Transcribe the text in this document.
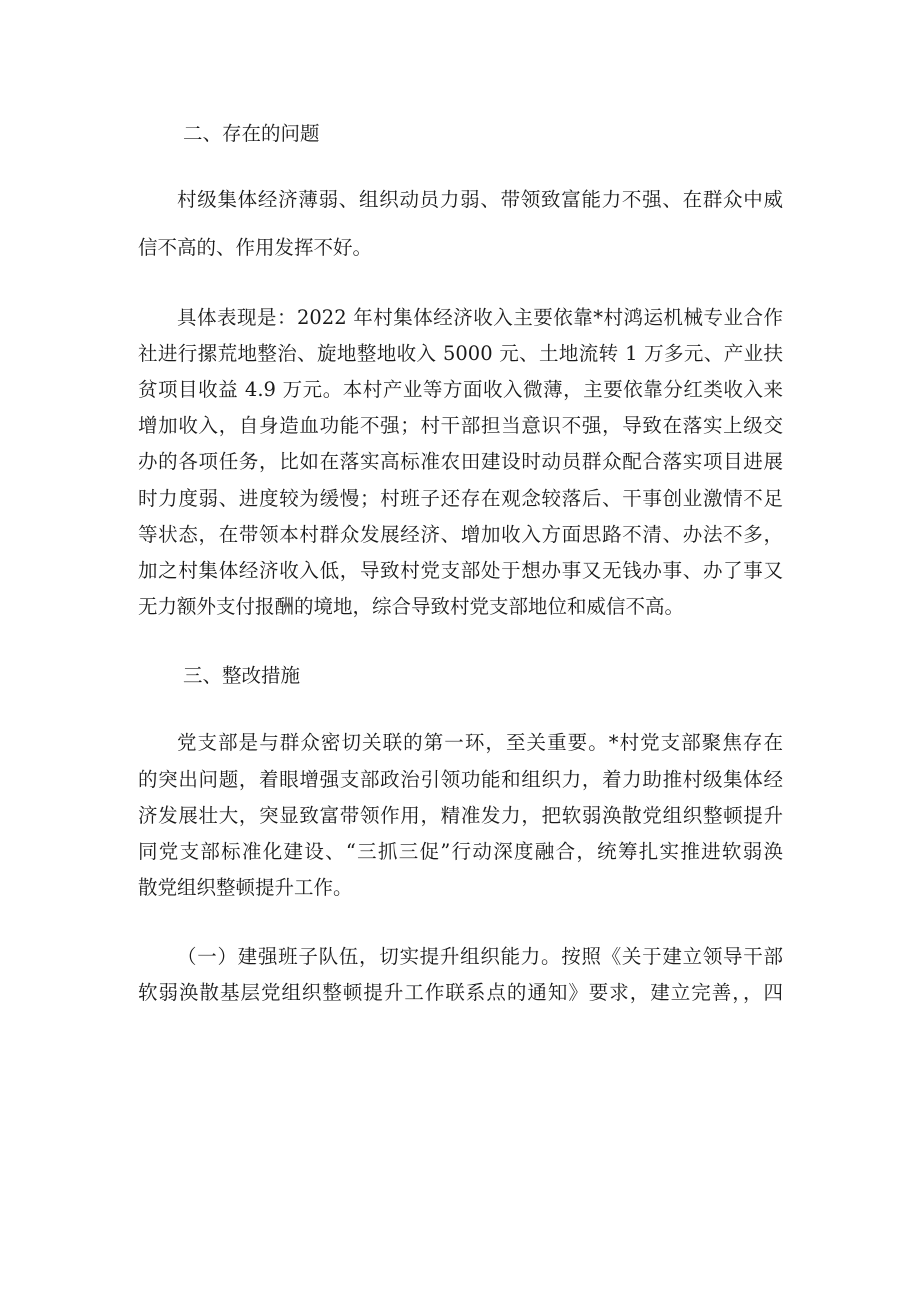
二、存在的问题
村级集体经济薄弱、组织动员力弱、带领致富能力不强、在群众中威
信不高的、作用发挥不好。
具体表现是：2022 年村集体经济收入主要依靠*村鸿运机械专业合作
社进行摞荒地整治、旋地整地收入 5000 元、土地流转 1 万多元、产业扶
贫项目收益 4.9 万元。本村产业等方面收入微薄，主要依靠分红类收入来
增加收入，自身造血功能不强；村干部担当意识不强，导致在落实上级交
办的各项任务，比如在落实高标准农田建设时动员群众配合落实项目进展
时力度弱、进度较为缓慢；村班子还存在观念较落后、干事创业激情不足
等状态，在带领本村群众发展经济、增加收入方面思路不清、办法不多，
加之村集体经济收入低，导致村党支部处于想办事又无钱办事、办了事又
无力额外支付报酬的境地，综合导致村党支部地位和威信不高。
三、整改措施
党支部是与群众密切关联的第一环，至关重要。*村党支部聚焦存在
的突出问题，着眼增强支部政治引领功能和组织力，着力助推村级集体经
济发展壮大，突显致富带领作用，精准发力，把软弱涣散党组织整顿提升
同党支部标准化建设、“三抓三促”行动深度融合，统筹扎实推进软弱涣
散党组织整顿提升工作。
（一）建强班子队伍，切实提升组织能力。按照《关于建立领导干部
软弱涣散基层党组织整顿提升工作联系点的通知》要求，建立完善，，四
